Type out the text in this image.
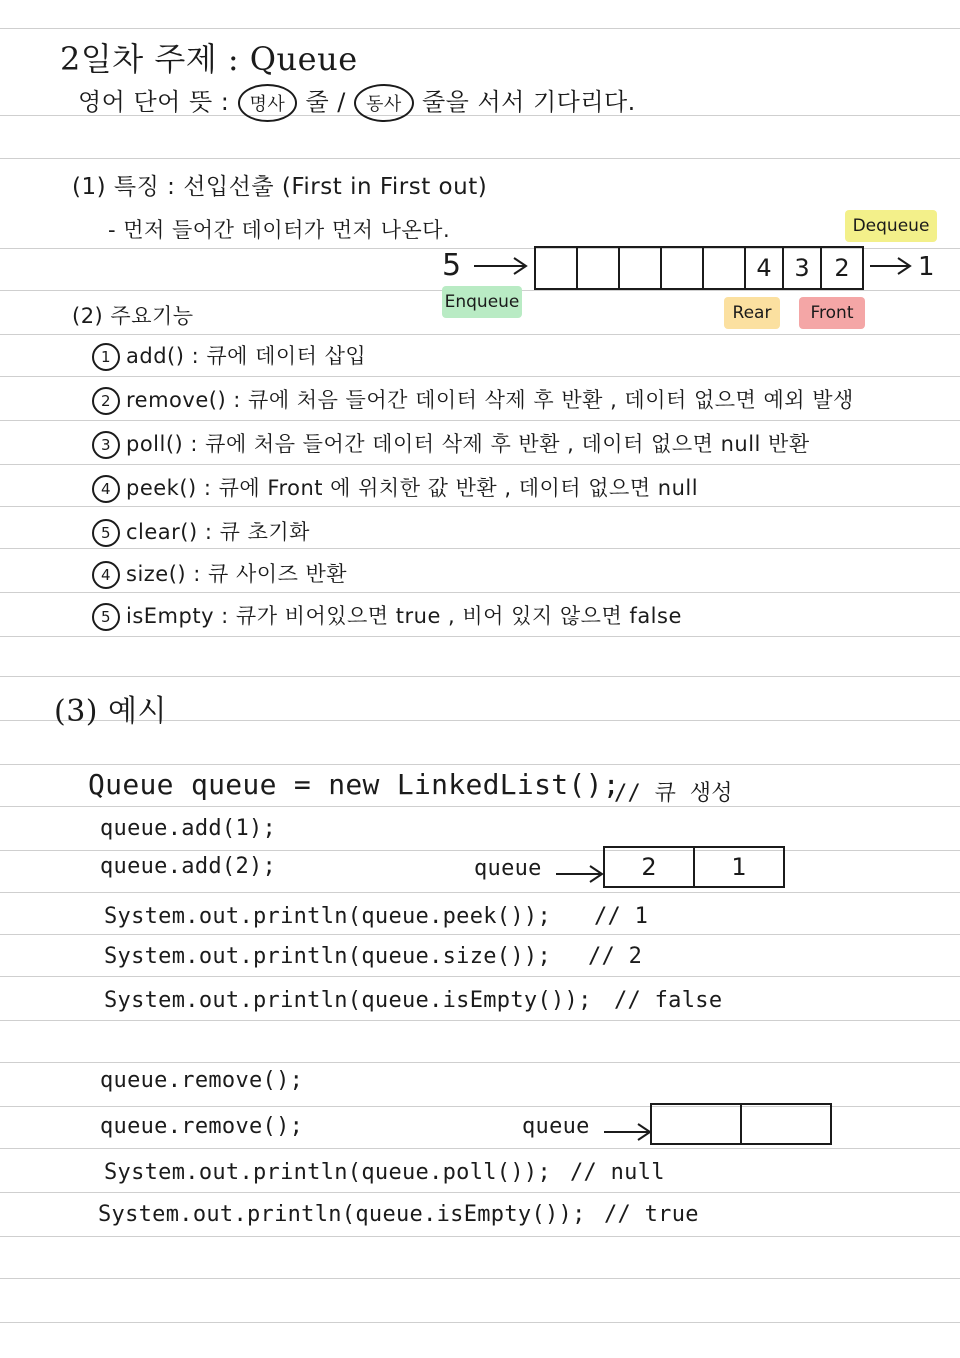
2일차 주제 : Queue
영어 단어 뜻 : 명사 줄 / 동사 줄을 서서 기다리다.
(1) 특징 : 선입선출 (First in First out)
- 먼저 들어간 데이터가 먼저 나온다.	Dequeue
5	4 3	2	1
Enqueue
Rear	Front
(2) 주요기능
1 add() : 큐에 데이터 삽입
2 remove() : 큐에 처음 들어간 데이터 삭제 후 반환 , 데이터 없으면 예외 발생
3 poll() : 큐에 처음 들어간 데이터 삭제 후 반환 , 데이터 없으면 null 반환
4 peek() : 큐에 Front 에 위치한 값 반환 , 데이터 없으면 null
5 clear() : 큐 초기화
4 size() : 큐 사이즈 반환
5 isEmpty : 큐가 비어있으면 true , 비어 있지 않으면 false
(3) 예시
Queue queue = new LinkedList();
// 큐 생성
queue.add(1);
queue.add(2);	queue	2	1
System.out.println(queue.peek()); // 1
System.out.println(queue.size()); // 2
System.out.println(queue.isEmpty()); // false
queue.remove();
queue.remove();	queue
System.out.println(queue.poll()); // null
System.out.println(queue.isEmpty()); // true
